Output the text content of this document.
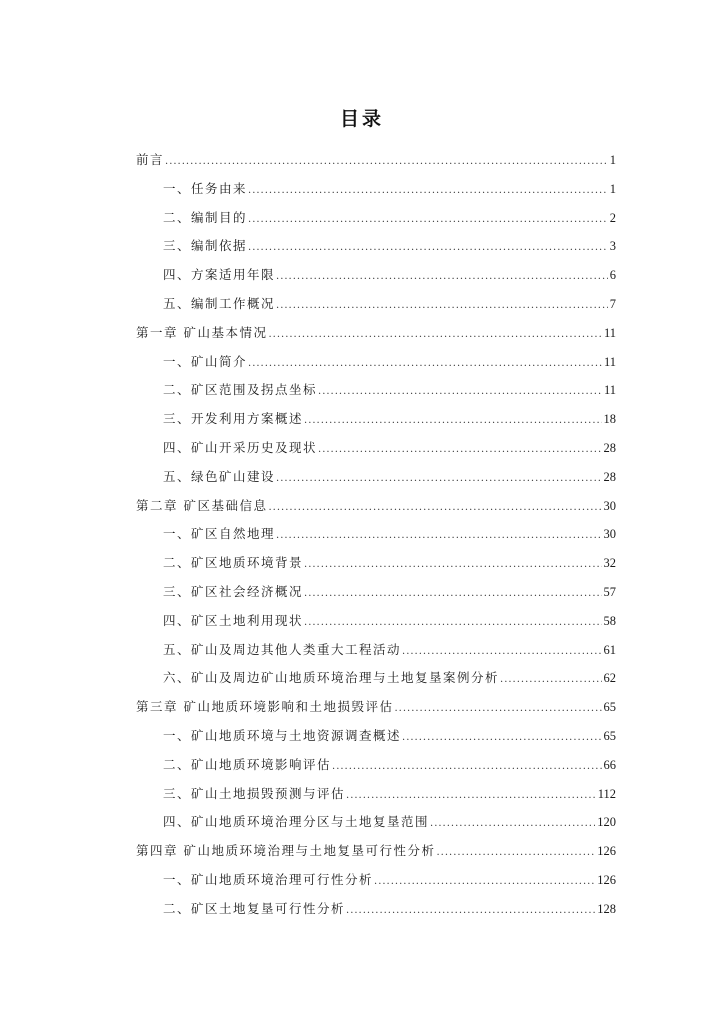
目录
前言 .....	1
一、任务由来 .....	1
二、编制目的 .....	2
三、编制依据 .....	3
四、方案适用年限 .....	6
五、编制工作概况 .....	7
第一章 矿山基本情况 .....	11
一、矿山简介 .....	11
二、矿区范围及拐点坐标 .....	11
三、开发利用方案概述 .....	18
四、矿山开采历史及现状 .....	28
五、绿色矿山建设 .....	28
第二章 矿区基础信息 .....	30
一、矿区自然地理 .....	30
二、矿区地质环境背景 .....	32
三、矿区社会经济概况 .....	57
四、矿区土地利用现状 .....	58
五、矿山及周边其他人类重大工程活动 .....	61
六、矿山及周边矿山地质环境治理与土地复垦案例分析 .....	62
第三章 矿山地质环境影响和土地损毁评估 .....	65
一、矿山地质环境与土地资源调查概述 .....	65
二、矿山地质环境影响评估 .....	66
三、矿山土地损毁预测与评估 .....	112
四、矿山地质环境治理分区与土地复垦范围 .....	120
第四章 矿山地质环境治理与土地复垦可行性分析 .....	126
一、矿山地质环境治理可行性分析 .....	126
二、矿区土地复垦可行性分析 .....	128
